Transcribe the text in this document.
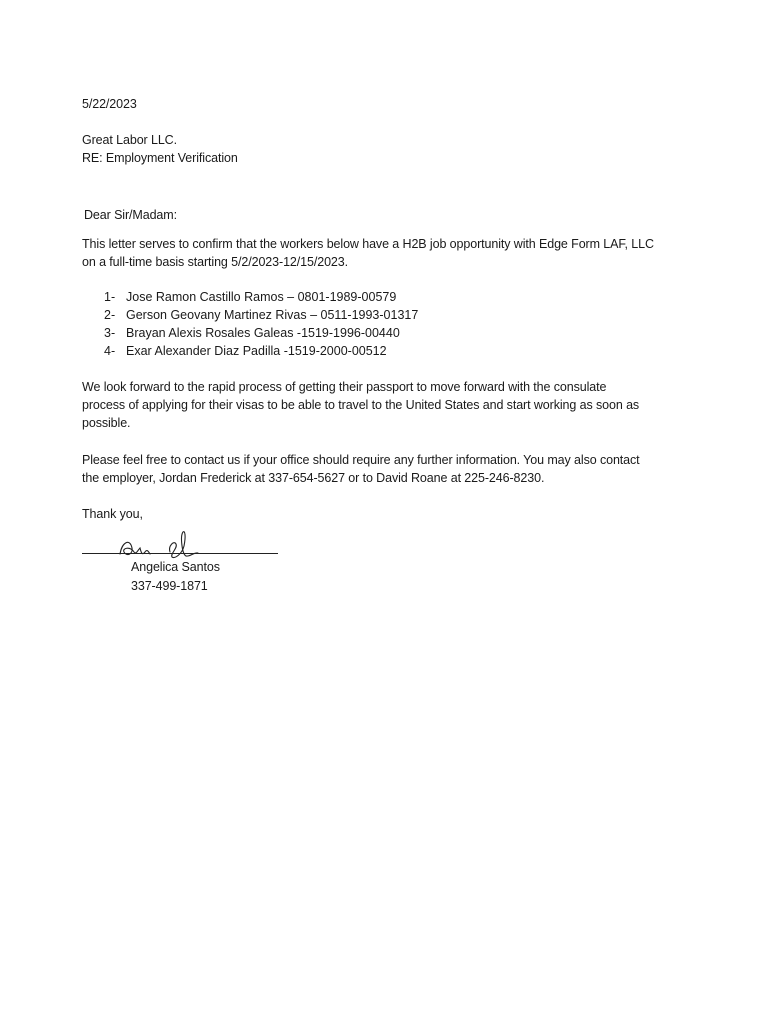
5/22/2023
Great Labor LLC.
RE: Employment Verification
Dear Sir/Madam:
This letter serves to confirm that the workers below have a H2B job opportunity with Edge Form LAF, LLC
on a full-time basis starting 5/2/2023-12/15/2023.
1- Jose Ramon Castillo Ramos – 0801-1989-00579
2- Gerson Geovany Martinez Rivas – 0511-1993-01317
3- Brayan Alexis Rosales Galeas -1519-1996-00440
4- Exar Alexander Diaz Padilla -1519-2000-00512
We look forward to the rapid process of getting their passport to move forward with the consulate
process of applying for their visas to be able to travel to the United States and start working as soon as
possible.
Please feel free to contact us if your office should require any further information. You may also contact
the employer, Jordan Frederick at 337-654-5627 or to David Roane at 225-246-8230.
Thank you,
Angelica Santos
337-499-1871
